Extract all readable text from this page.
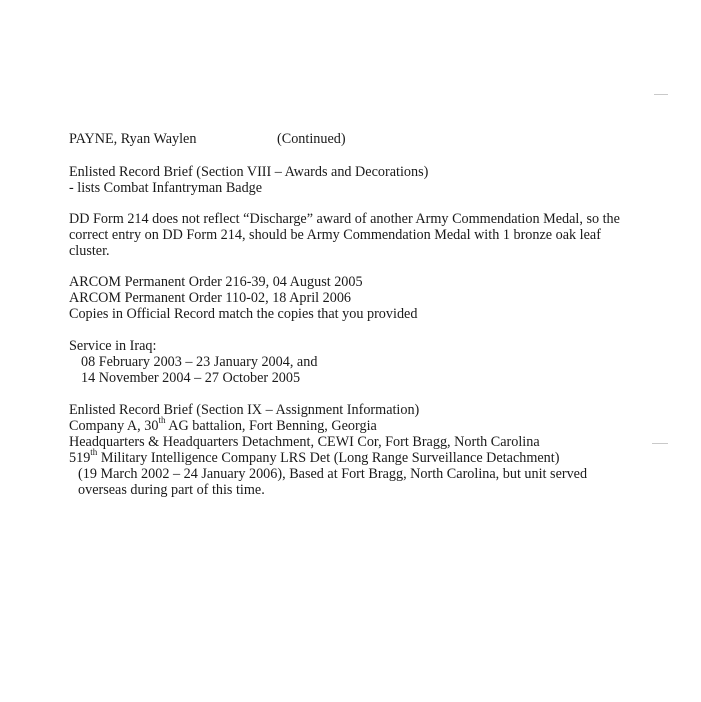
PAYNE, Ryan Waylen	(Continued)
Enlisted Record Brief (Section VIII – Awards and Decorations)
- lists Combat Infantryman Badge
DD Form 214 does not reflect “Discharge” award of another Army Commendation Medal, so the
correct entry on DD Form 214, should be Army Commendation Medal with 1 bronze oak leaf
cluster.
ARCOM Permanent Order 216-39, 04 August 2005
ARCOM Permanent Order 110-02, 18 April 2006
Copies in Official Record match the copies that you provided
Service in Iraq:
08 February 2003 – 23 January 2004, and
14 November 2004 – 27 October 2005
Enlisted Record Brief (Section IX – Assignment Information)
Company A, 30th AG battalion, Fort Benning, Georgia
Headquarters & Headquarters Detachment, CEWI Cor, Fort Bragg, North Carolina
519th Military Intelligence Company LRS Det (Long Range Surveillance Detachment)
(19 March 2002 – 24 January 2006), Based at Fort Bragg, North Carolina, but unit served
overseas during part of this time.
